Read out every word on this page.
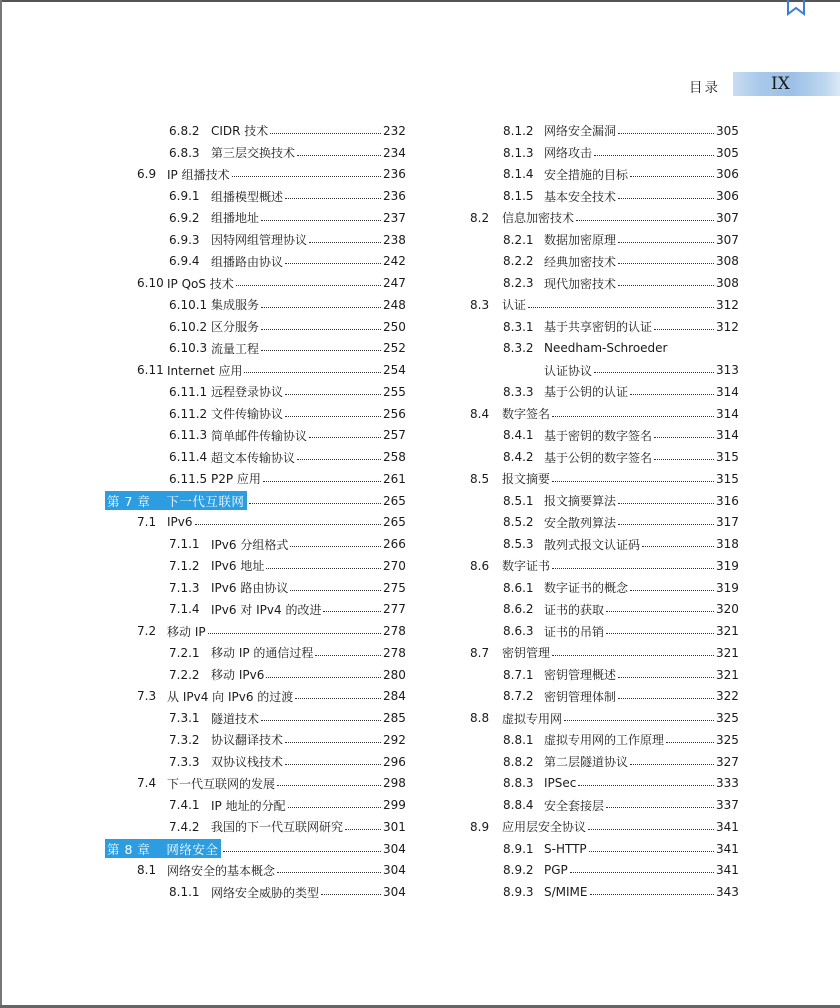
目录	IX
6.8.2 CIDR 技术	232
6.8.3 第三层交换技术	234
6.9 IP 组播技术	236
6.9.1 组播模型概述	236
6.9.2 组播地址	237
6.9.3 因特网组管理协议	238
6.9.4 组播路由协议	242
6.10 IP QoS 技术	247
6.10.1 集成服务	248
6.10.2 区分服务	250
6.10.3 流量工程	252
6.11 Internet 应用	254
6.11.1 远程登录协议	255
6.11.2 文件传输协议	256
6.11.3 简单邮件传输协议	257
6.11.4 超文本传输协议	258
6.11.5 P2P 应用	261
第 7 章 下一代互联网	265
7.1 IPv6	265
7.1.1 IPv6 分组格式	266
7.1.2 IPv6 地址	270
7.1.3 IPv6 路由协议	275
7.1.4 IPv6 对 IPv4 的改进	277
7.2 移动 IP	278
7.2.1 移动 IP 的通信过程	278
7.2.2 移动 IPv6	280
7.3 从 IPv4 向 IPv6 的过渡	284
7.3.1 隧道技术	285
7.3.2 协议翻译技术	292
7.3.3 双协议栈技术	296
7.4 下一代互联网的发展	298
7.4.1 IP 地址的分配	299
7.4.2 我国的下一代互联网研究	301
第 8 章 网络安全	304
8.1 网络安全的基本概念	304
8.1.1 网络安全威胁的类型	304
8.1.2 网络安全漏洞	305
8.1.3 网络攻击	305
8.1.4 安全措施的目标	306
8.1.5 基本安全技术	306
8.2	信息加密技术	307
8.2.1 数据加密原理	307
8.2.2 经典加密技术	308
8.2.3 现代加密技术	308
8.3	认证	312
8.3.1 基于共享密钥的认证	312
8.3.2 Needham-Schroeder
认证协议	313
8.3.3 基于公钥的认证	314
8.4	数字签名	314
8.4.1 基于密钥的数字签名	314
8.4.2 基于公钥的数字签名	315
8.5	报文摘要	315
8.5.1 报文摘要算法	316
8.5.2 安全散列算法	317
8.5.3 散列式报文认证码	318
8.6	数字证书	319
8.6.1 数字证书的概念	319
8.6.2 证书的获取	320
8.6.3 证书的吊销	321
8.7	密钥管理	321
8.7.1 密钥管理概述	321
8.7.2 密钥管理体制	322
8.8	虚拟专用网	325
8.8.1 虚拟专用网的工作原理	325
8.8.2 第二层隧道协议	327
8.8.3 IPSec	333
8.8.4 安全套接层	337
8.9	应用层安全协议	341
8.9.1 S-HTTP	341
8.9.2 PGP	341
8.9.3 S/MIME	343
